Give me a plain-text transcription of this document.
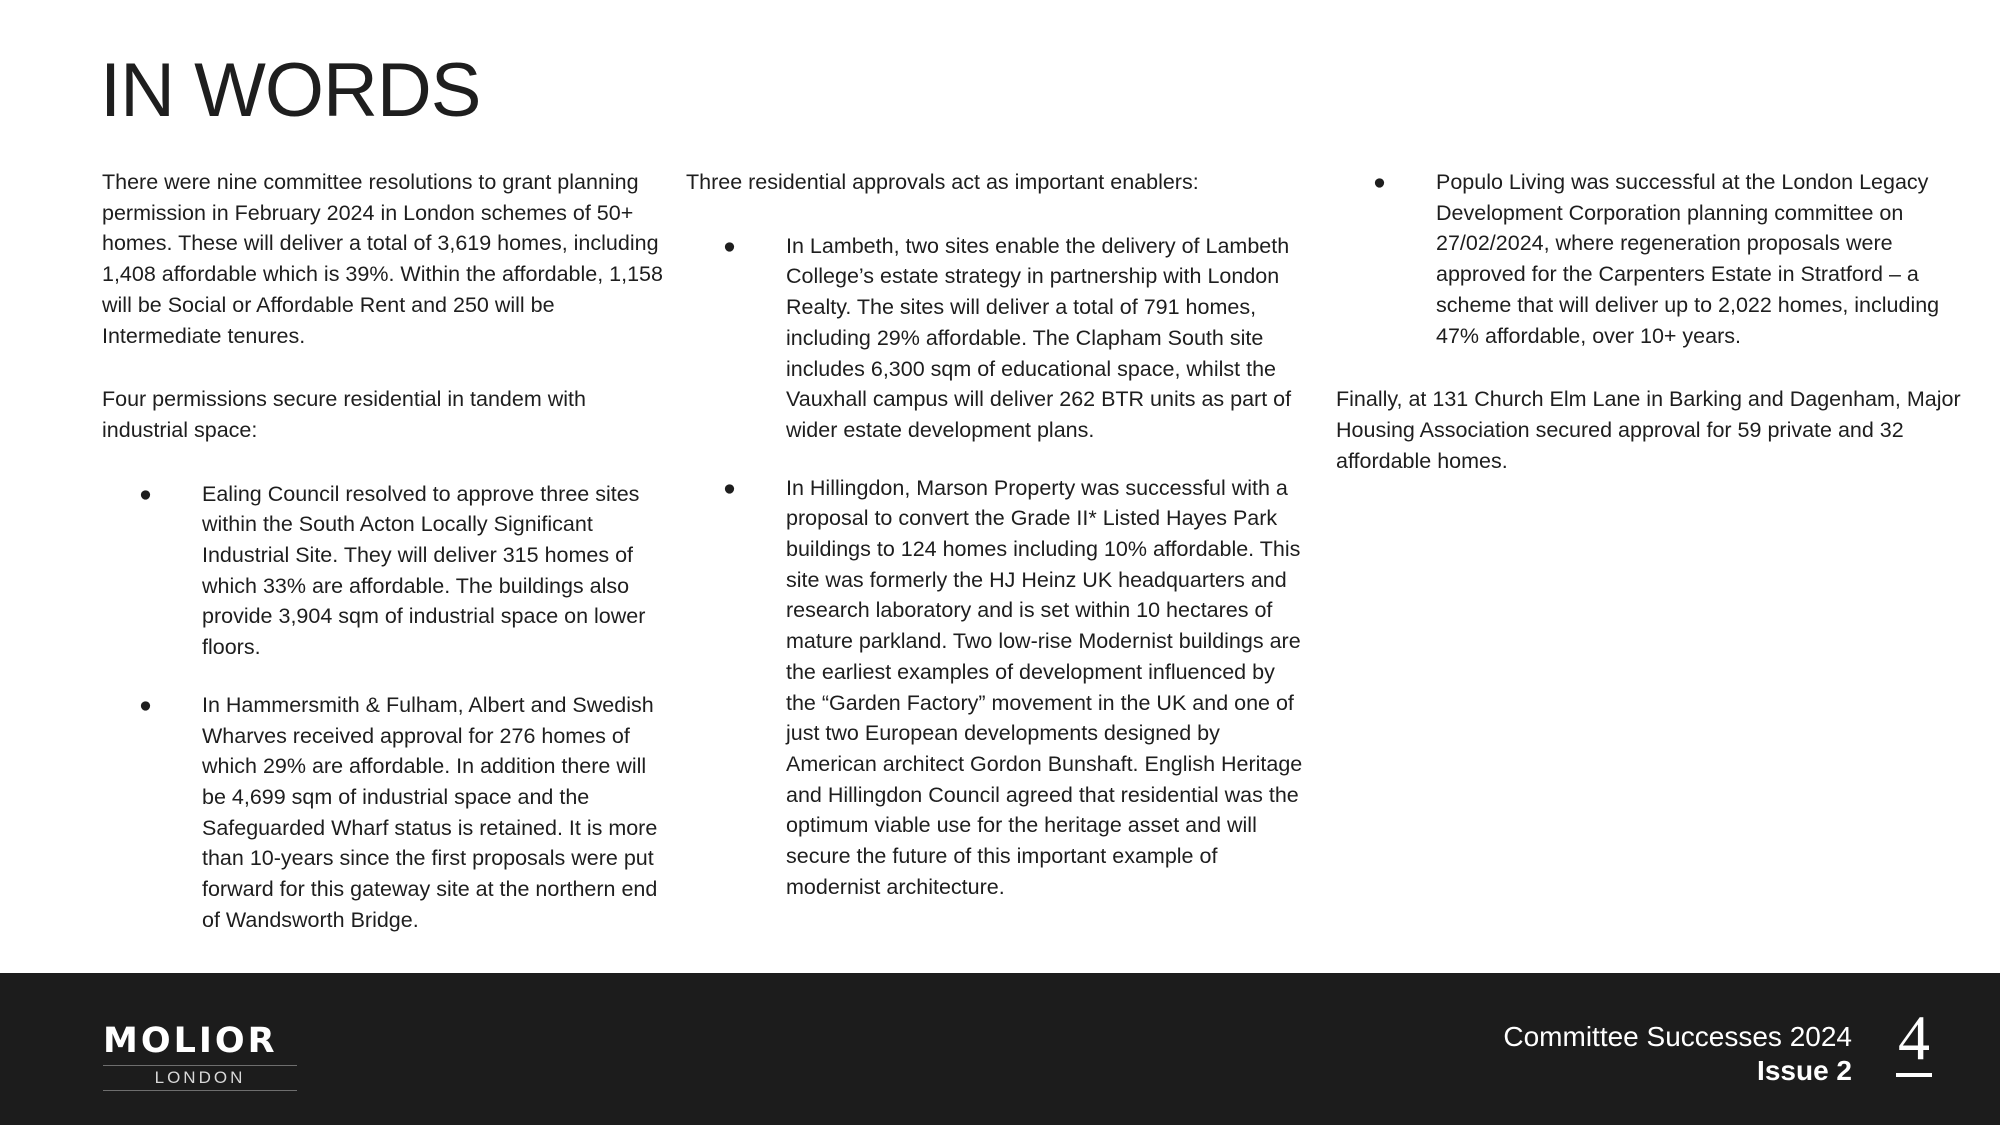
IN WORDS

There were nine committee resolutions to grant planning permission in February 2024 in London schemes of 50+ homes. These will deliver a total of 3,619 homes, including 1,408 affordable which is 39%. Within the affordable, 1,158 will be Social or Affordable Rent and 250 will be Intermediate tenures.

Four permissions secure residential in tandem with industrial space:

● Ealing Council resolved to approve three sites within the South Acton Locally Significant Industrial Site. They will deliver 315 homes of which 33% are affordable. The buildings also provide 3,904 sqm of industrial space on lower floors.
● In Hammersmith & Fulham, Albert and Swedish Wharves received approval for 276 homes of which 29% are affordable. In addition there will be 4,699 sqm of industrial space and the Safeguarded Wharf status is retained. It is more than 10-years since the first proposals were put forward for this gateway site at the northern end of Wandsworth Bridge.

Three residential approvals act as important enablers:

● In Lambeth, two sites enable the delivery of Lambeth College’s estate strategy in partnership with London Realty. The sites will deliver a total of 791 homes, including 29% affordable. The Clapham South site includes 6,300 sqm of educational space, whilst the Vauxhall campus will deliver 262 BTR units as part of wider estate development plans.
● In Hillingdon, Marson Property was successful with a proposal to convert the Grade II* Listed Hayes Park buildings to 124 homes including 10% affordable. This site was formerly the HJ Heinz UK headquarters and research laboratory and is set within 10 hectares of mature parkland. Two low-rise Modernist buildings are the earliest examples of development influenced by the “Garden Factory” movement in the UK and one of just two European developments designed by American architect Gordon Bunshaft. English Heritage and Hillingdon Council agreed that residential was the optimum viable use for the heritage asset and will secure the future of this important example of modernist architecture.
● Populo Living was successful at the London Legacy Development Corporation planning committee on 27/02/2024, where regeneration proposals were approved for the Carpenters Estate in Stratford – a scheme that will deliver up to 2,022 homes, including 47% affordable, over 10+ years.

Finally, at 131 Church Elm Lane in Barking and Dagenham, Major Housing Association secured approval for 59 private and 32 affordable homes.

MOLIOR
LONDON
Committee Successes 2024
Issue 2 4
